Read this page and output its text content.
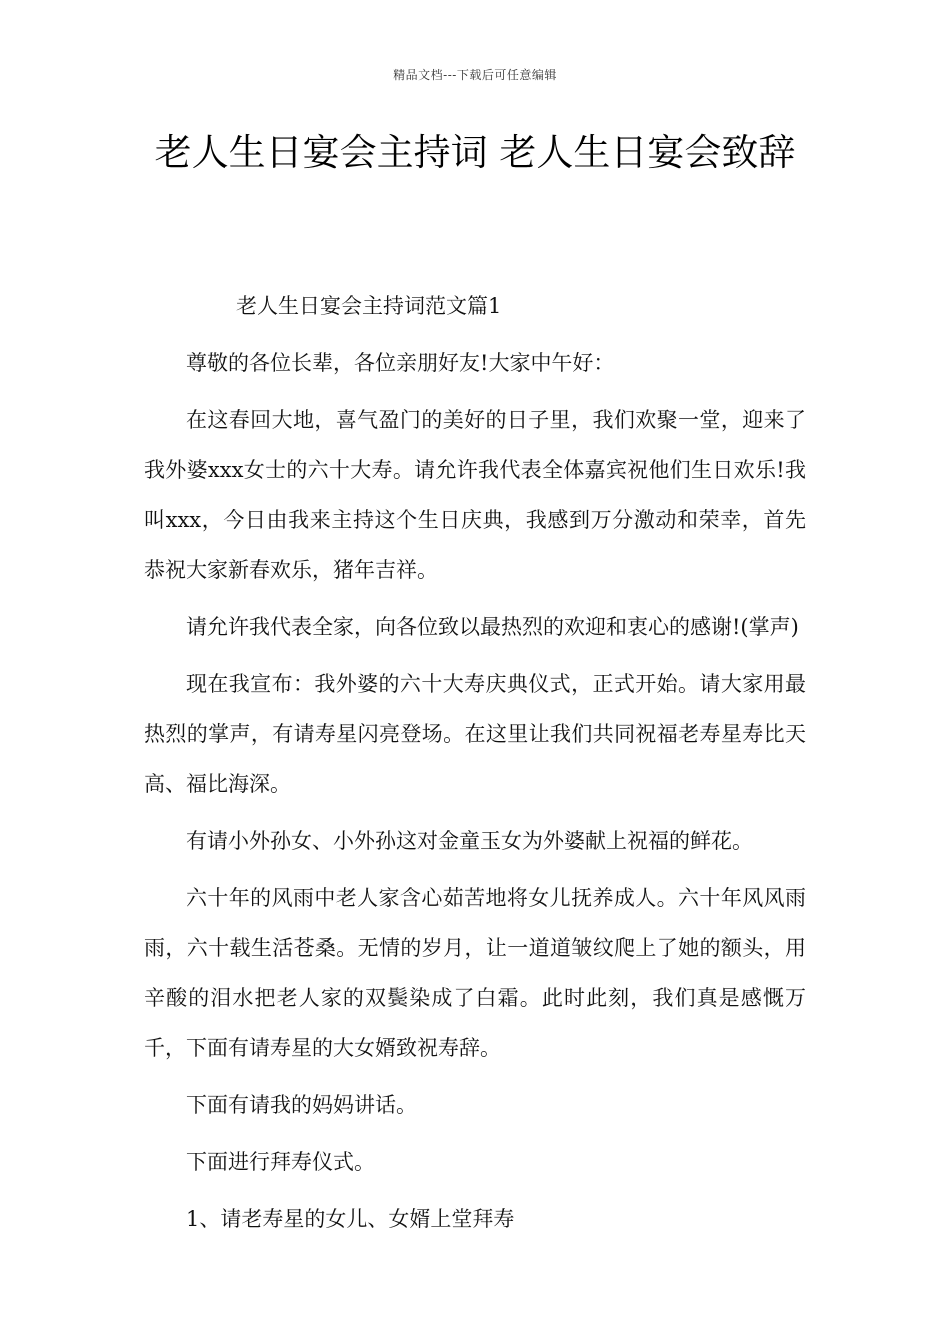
精品文档---下载后可任意编辑
老人生日宴会主持词 老人生日宴会致辞

老人生日宴会主持词范文篇1

尊敬的各位长辈，各位亲朋好友!大家中午好：

在这春回大地，喜气盈门的美好的日子里，我们欢聚一堂，迎来了我外婆xxx女士的六十大寿。请允许我代表全体嘉宾祝他们生日欢乐!我叫xxx，今日由我来主持这个生日庆典，我感到万分激动和荣幸，首先恭祝大家新春欢乐，猪年吉祥。

请允许我代表全家，向各位致以最热烈的欢迎和衷心的感谢!(掌声)

现在我宣布：我外婆的六十大寿庆典仪式，正式开始。请大家用最热烈的掌声，有请寿星闪亮登场。在这里让我们共同祝福老寿星寿比天高、福比海深。

有请小外孙女、小外孙这对金童玉女为外婆献上祝福的鲜花。

六十年的风雨中老人家含心茹苦地将女儿抚养成人。六十年风风雨雨，六十载生活苍桑。无情的岁月，让一道道皱纹爬上了她的额头，用辛酸的泪水把老人家的双鬓染成了白霜。此时此刻，我们真是感慨万千，下面有请寿星的大女婿致祝寿辞。

下面有请我的妈妈讲话。

下面进行拜寿仪式。

1、请老寿星的女儿、女婿上堂拜寿
